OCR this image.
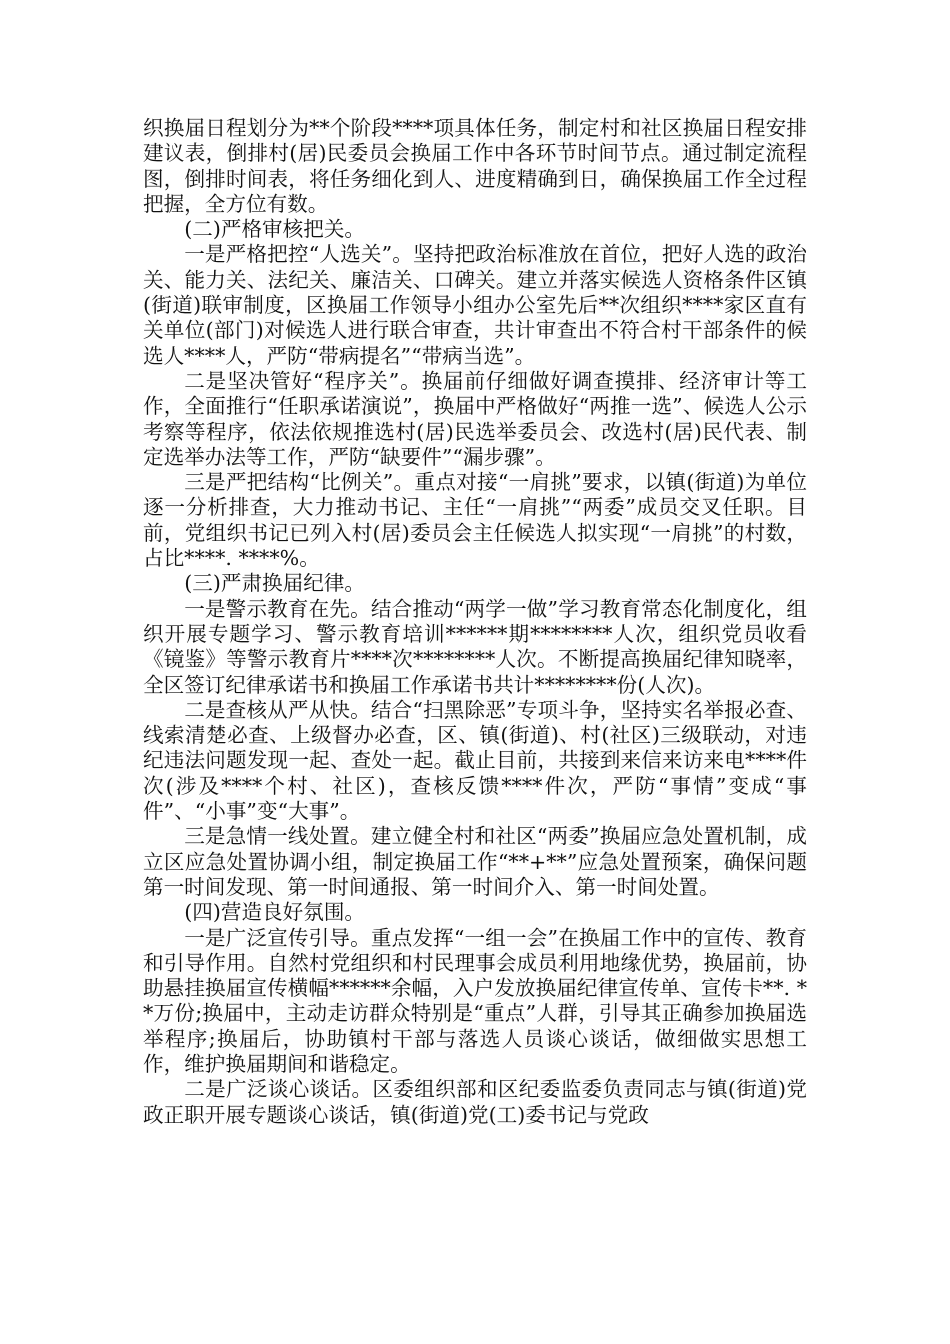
织换届日程划分为**个阶段****项具体任务，制定村和社区换届日程安排建议表，倒排村(居)民委员会换届工作中各环节时间节点。通过制定流程图，倒排时间表，将任务细化到人、进度精确到日，确保换届工作全过程把握，全方位有数。

(二)严格审核把关。

一是严格把控“人选关”。坚持把政治标准放在首位，把好人选的政治关、能力关、法纪关、廉洁关、口碑关。建立并落实候选人资格条件区镇(街道)联审制度，区换届工作领导小组办公室先后**次组织****家区直有关单位(部门)对候选人进行联合审查，共计审查出不符合村干部条件的候选人****人，严防“带病提名”“带病当选”。

二是坚决管好“程序关”。换届前仔细做好调查摸排、经济审计等工作，全面推行“任职承诺演说”，换届中严格做好“两推一选”、候选人公示考察等程序，依法依规推选村(居)民选举委员会、改选村(居)民代表、制定选举办法等工作，严防“缺要件”“漏步骤”。

三是严把结构“比例关”。重点对接“一肩挑”要求，以镇(街道)为单位逐一分析排查，大力推动书记、主任“一肩挑”“两委”成员交叉任职。目前，党组织书记已列入村(居)委员会主任候选人拟实现“一肩挑”的村数，占比****. ****%。

(三)严肃换届纪律。

一是警示教育在先。结合推动“两学一做”学习教育常态化制度化，组织开展专题学习、警示教育培训******期********人次，组织党员收看《镜鉴》等警示教育片****次********人次。不断提高换届纪律知晓率，全区签订纪律承诺书和换届工作承诺书共计********份(人次)。

二是查核从严从快。结合“扫黑除恶”专项斗争，坚持实名举报必查、线索清楚必查、上级督办必查，区、镇(街道)、村(社区)三级联动，对违纪违法问题发现一起、查处一起。截止目前，共接到来信来访来电****件次(涉及****个村、社区)，查核反馈****件次，严防“事情”变成“事件”、“小事”变“大事”。

三是急情一线处置。建立健全村和社区“两委”换届应急处置机制，成立区应急处置协调小组，制定换届工作“**+**”应急处置预案，确保问题第一时间发现、第一时间通报、第一时间介入、第一时间处置。

(四)营造良好氛围。

一是广泛宣传引导。重点发挥“一组一会”在换届工作中的宣传、教育和引导作用。自然村党组织和村民理事会成员利用地缘优势，换届前，协助悬挂换届宣传横幅******余幅，入户发放换届纪律宣传单、宣传卡**. **万份;换届中，主动走访群众特别是“重点”人群，引导其正确参加换届选举程序;换届后，协助镇村干部与落选人员谈心谈话，做细做实思想工作，维护换届期间和谐稳定。

二是广泛谈心谈话。区委组织部和区纪委监委负责同志与镇(街道)党政正职开展专题谈心谈话，镇(街道)党(工)委书记与党政
